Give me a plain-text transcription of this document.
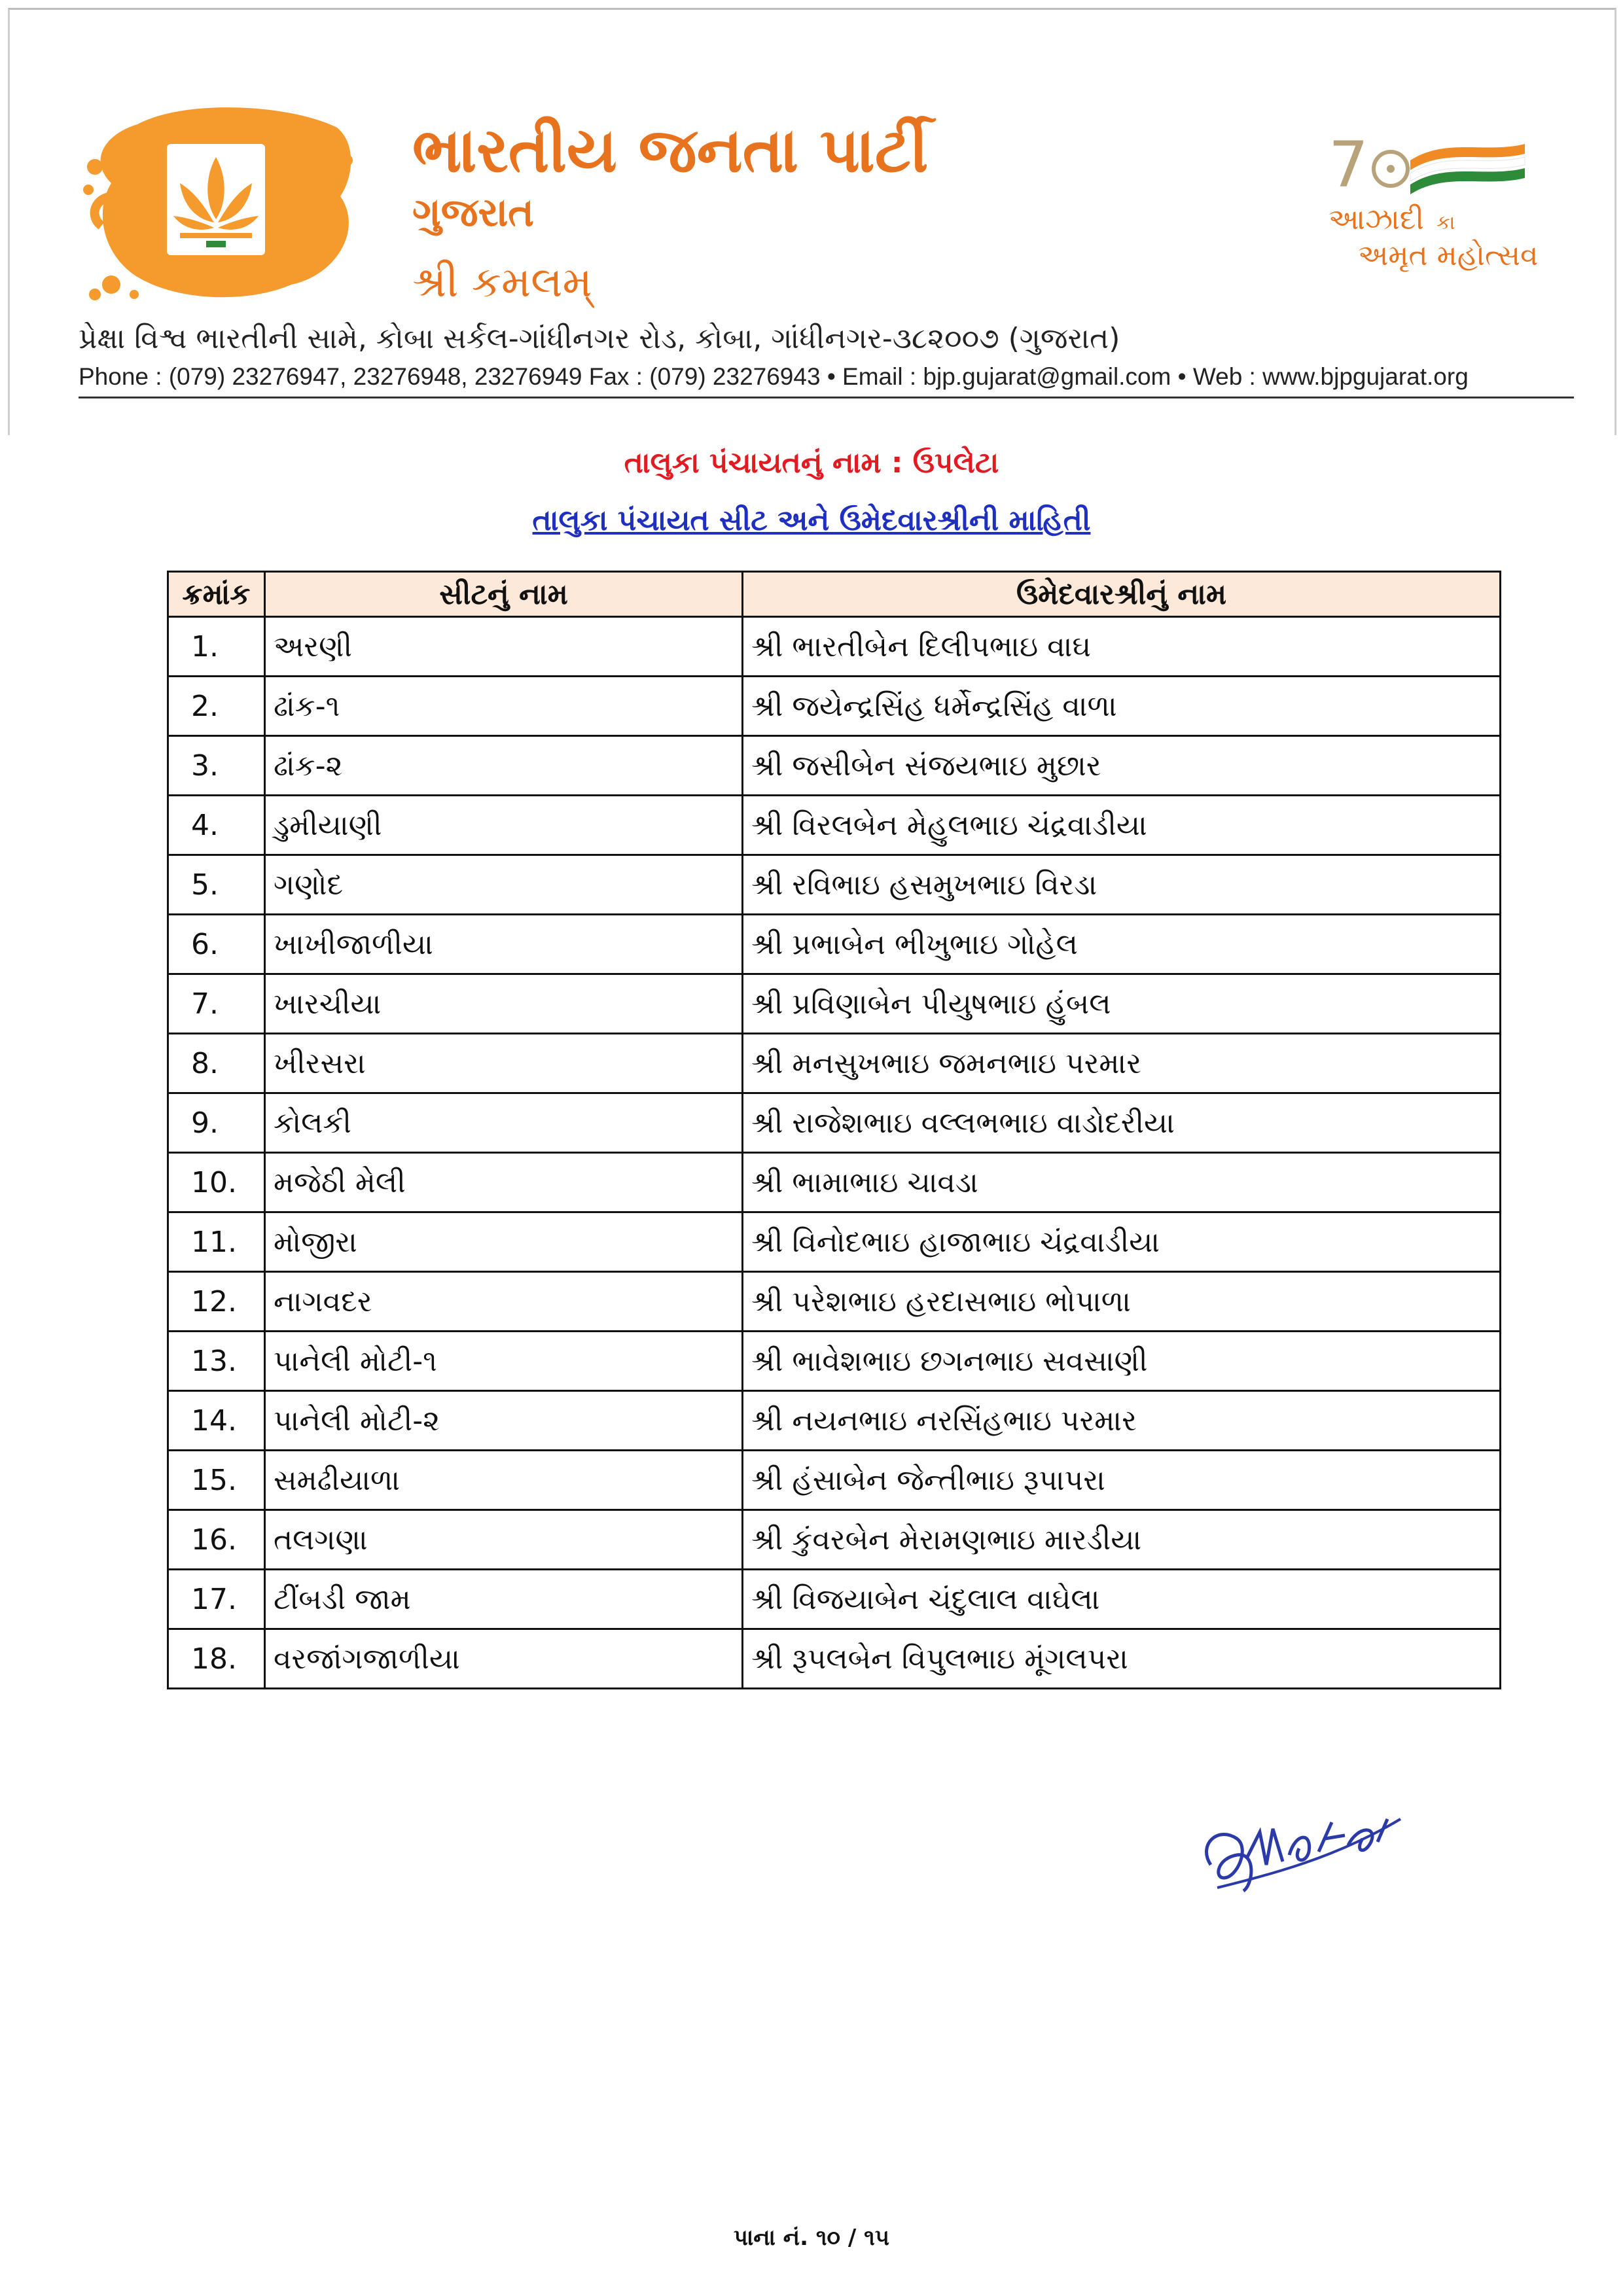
ભારતીય જનતા પાર્ટી
ગુજરાત
શ્રી કમલમ્
7
આઝાદી કા
અમૃત મહોત્સવ
પ્રેક્ષા વિશ્વ ભારતીની સામે, કોબા સર્કલ-ગાંધીનગર રોડ, કોબા, ગાંધીનગર-૩૮૨૦૦૭ (ગુજરાત)
Phone : (079) 23276947, 23276948, 23276949 Fax : (079) 23276943 • Email : bjp.gujarat@gmail.com • Web : www.bjpgujarat.org
તાલુકા પંચાયતનું નામ : ઉપલેટા
તાલુકા પંચાયત સીટ અને ઉમેદવારશ્રીની માહિતી
ક્રમાંક	સીટનું નામ	ઉમેદવારશ્રીનું નામ
1.	અરણી	શ્રી ભારતીબેન દિલીપભાઇ વાઘ
2.	ઢાંક-૧	શ્રી જયેન્દ્રસિંહ ધર્મેન્દ્રસિંહ વાળા
3.	ઢાંક-૨	શ્રી જસીબેન સંજયભાઇ મુછાર
4.	ડુમીયાણી	શ્રી વિરલબેન મેહુલભાઇ ચંદ્રવાડીયા
5.	ગણોદ	શ્રી રવિભાઇ હસમુખભાઇ વિરડા
6.	ખાખીજાળીયા	શ્રી પ્રભાબેન ભીખુભાઇ ગોહેલ
7.	ખારચીયા	શ્રી પ્રવિણાબેન પીયુષભાઇ હુંબલ
8.	ખીરસરા	શ્રી મનસુખભાઇ જમનભાઇ પરમાર
9.	કોલકી	શ્રી રાજેશભાઇ વલ્લભભાઇ વાડોદરીયા
10.	મજેઠી મેલી	શ્રી ભામાભાઇ ચાવડા
11.	મોજીરા	શ્રી વિનોદભાઇ હાજાભાઇ ચંદ્રવાડીયા
12.	નાગવદર	શ્રી પરેશભાઇ હરદાસભાઇ ભોપાળા
13.	પાનેલી મોટી-૧	શ્રી ભાવેશભાઇ છગનભાઇ સવસાણી
14.	પાનેલી મોટી-૨	શ્રી નયનભાઇ નરસિંહભાઇ પરમાર
15.	સમઢીયાળા	શ્રી હંસાબેન જેન્તીભાઇ રૂપાપરા
16.	તલગણા	શ્રી કુંવરબેન મેરામણભાઇ મારડીયા
17.	ટીંબડી જામ	શ્રી વિજયાબેન ચંદુલાલ વાઘેલા
18.	વરજાંગજાળીયા	શ્રી રૂપલબેન વિપુલભાઇ મૂંગલપરા
પાના નં. ૧૦ / ૧૫
